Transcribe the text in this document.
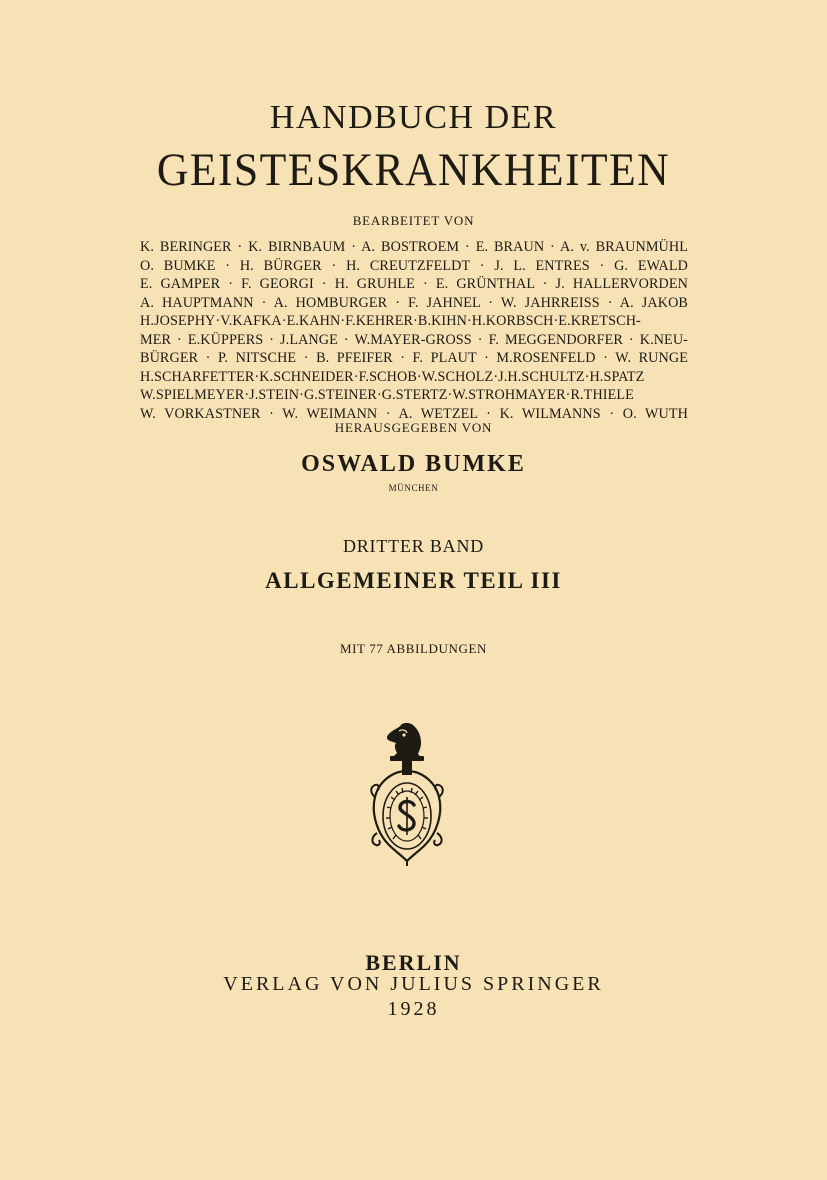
HANDBUCH DER
GEISTESKRANKHEITEN
BEARBEITET VON
K. BERINGER · K. BIRNBAUM · A. BOSTROEM · E. BRAUN · A. v. BRAUNMÜHL
O. BUMKE · H. BÜRGER · H. CREUTZFELDT · J. L. ENTRES · G. EWALD
E. GAMPER · F. GEORGI · H. GRUHLE · E. GRÜNTHAL · J. HALLERVORDEN
A. HAUPTMANN · A. HOMBURGER · F. JAHNEL · W. JAHRREISS · A. JAKOB
H.JOSEPHY·V.KAFKA·E.KAHN·F.KEHRER·B.KIHN·H.KORBSCH·E.KRETSCH-
MER · E.KÜPPERS · J.LANGE · W.MAYER-GROSS · F. MEGGENDORFER · K.NEU-
BÜRGER · P. NITSCHE · B. PFEIFER · F. PLAUT · M.ROSENFELD · W. RUNGE
H.SCHARFETTER·K.SCHNEIDER·F.SCHOB·W.SCHOLZ·J.H.SCHULTZ·H.SPATZ
W.SPIELMEYER·J.STEIN·G.STEINER·G.STERTZ·W.STROHMAYER·R.THIELE
W. VORKASTNER · W. WEIMANN · A. WETZEL · K. WILMANNS · O. WUTH
HERAUSGEGEBEN VON
OSWALD BUMKE
MÜNCHEN
DRITTER BAND
ALLGEMEINER TEIL III
MIT 77 ABBILDUNGEN
BERLIN
VERLAG VON JULIUS SPRINGER
1928
